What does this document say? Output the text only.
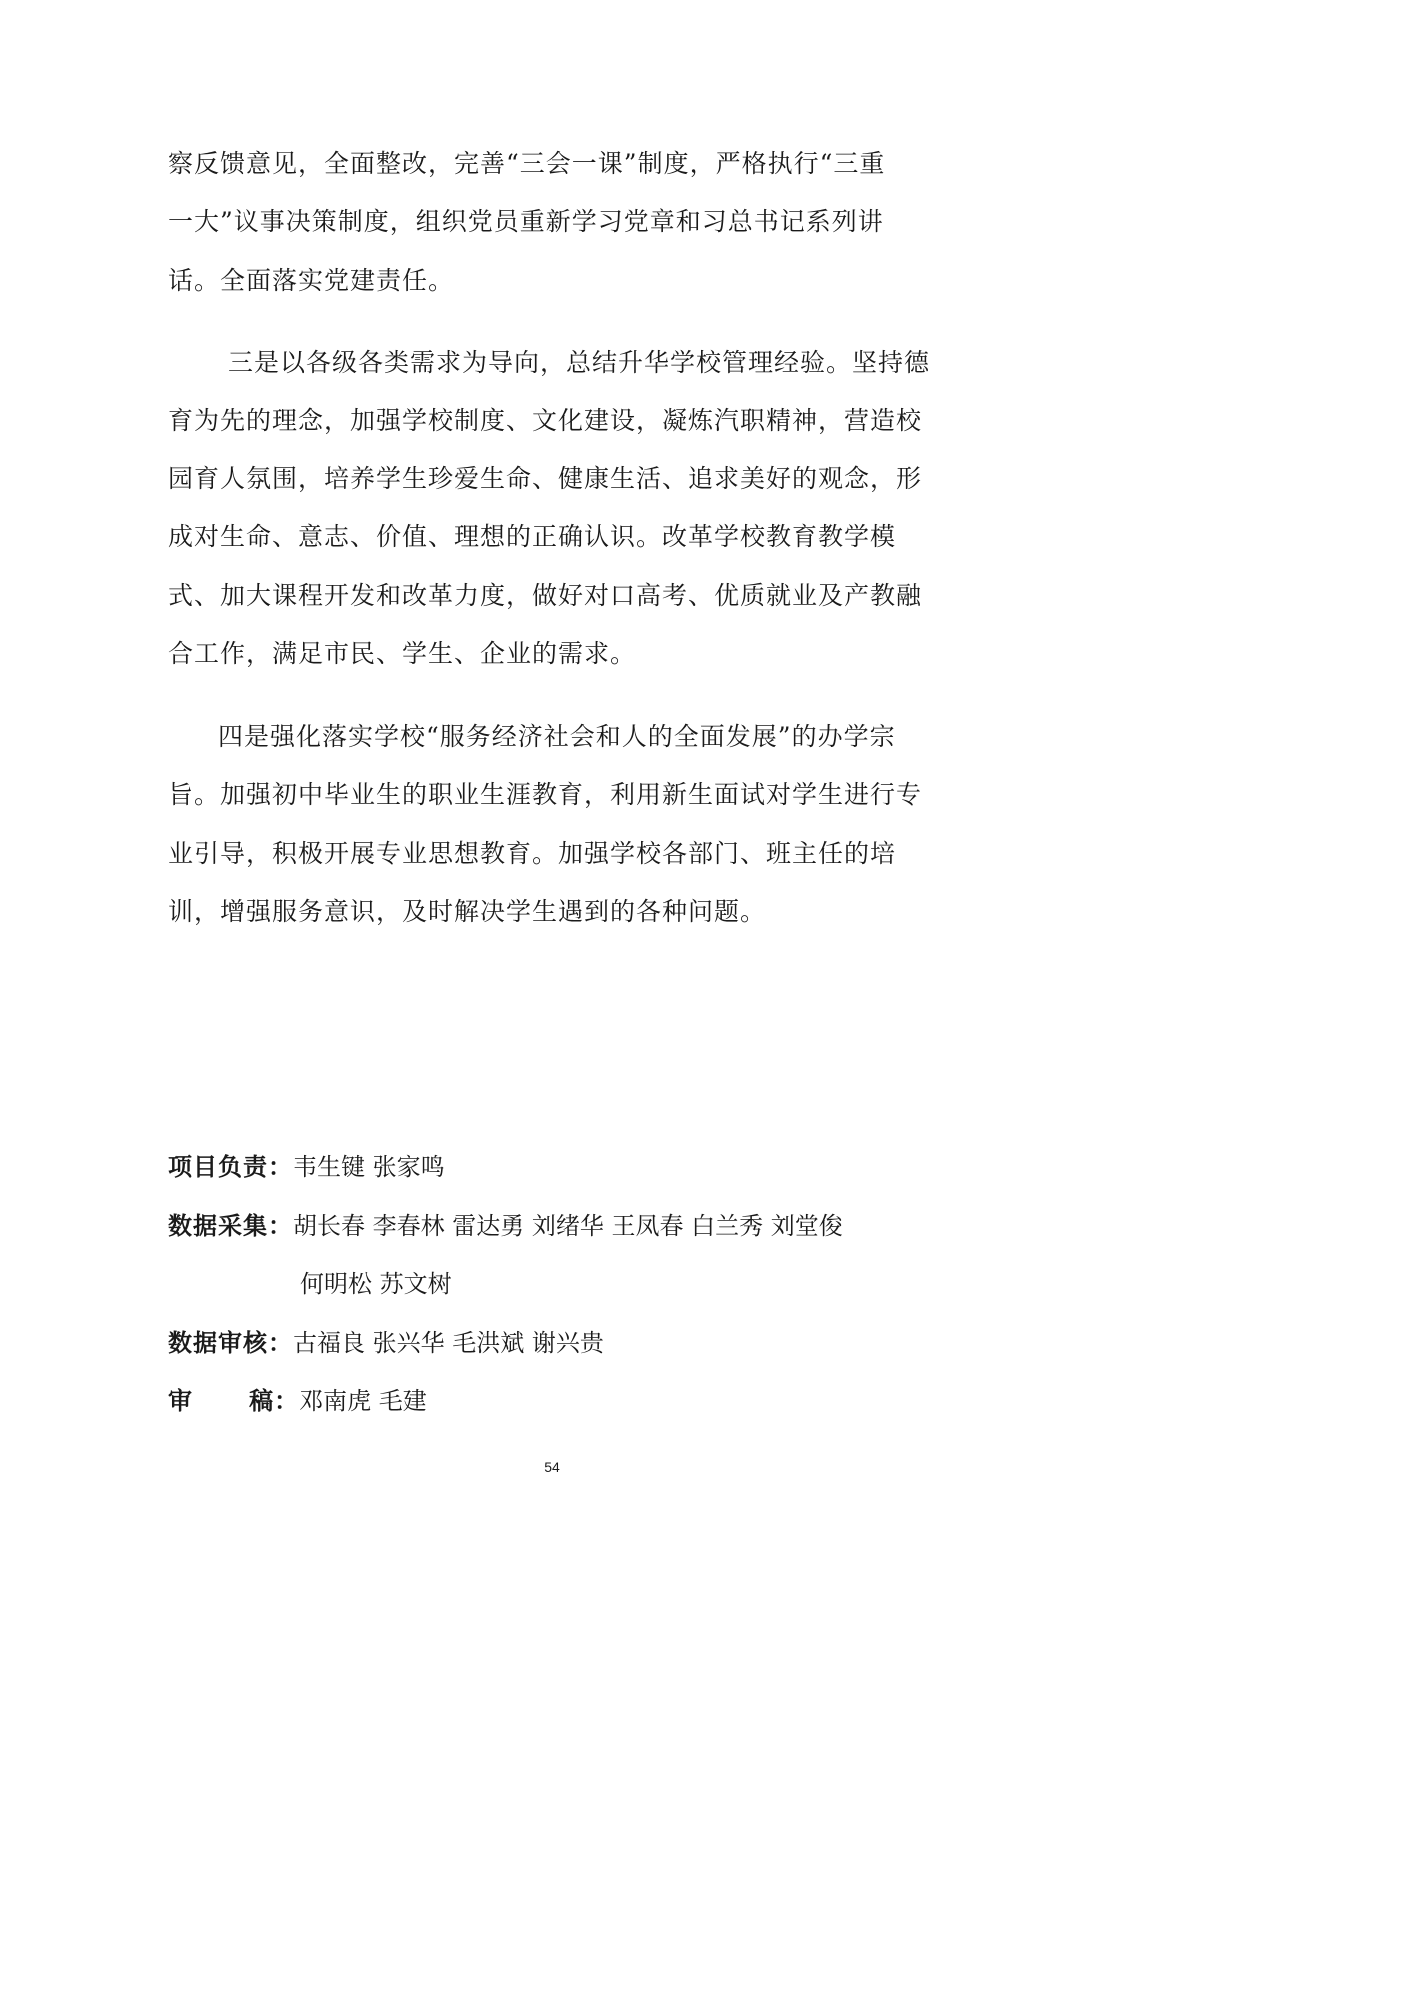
察反馈意见，全面整改，完善“三会一课”制度，严格执行“三重

一大”议事决策制度，组织党员重新学习党章和习总书记系列讲

话。全面落实党建责任。

三是以各级各类需求为导向，总结升华学校管理经验。坚持德

育为先的理念，加强学校制度、文化建设，凝炼汽职精神，营造校

园育人氛围，培养学生珍爱生命、健康生活、追求美好的观念，形

成对生命、意志、价值、理想的正确认识。改革学校教育教学模

式、加大课程开发和改革力度，做好对口高考、优质就业及产教融

合工作，满足市民、学生、企业的需求。

四是强化落实学校“服务经济社会和人的全面发展”的办学宗

旨。加强初中毕业生的职业生涯教育，利用新生面试对学生进行专

业引导，积极开展专业思想教育。加强学校各部门、班主任的培

训，增强服务意识，及时解决学生遇到的各种问题。

项目负责：韦生键 张家鸣

数据采集：胡长春 李春林 雷达勇 刘绪华 王凤春 白兰秀 刘堂俊

何明松 苏文树

数据审核：古福良 张兴华 毛洪斌 谢兴贵

审      稿：邓南虎 毛建

54
